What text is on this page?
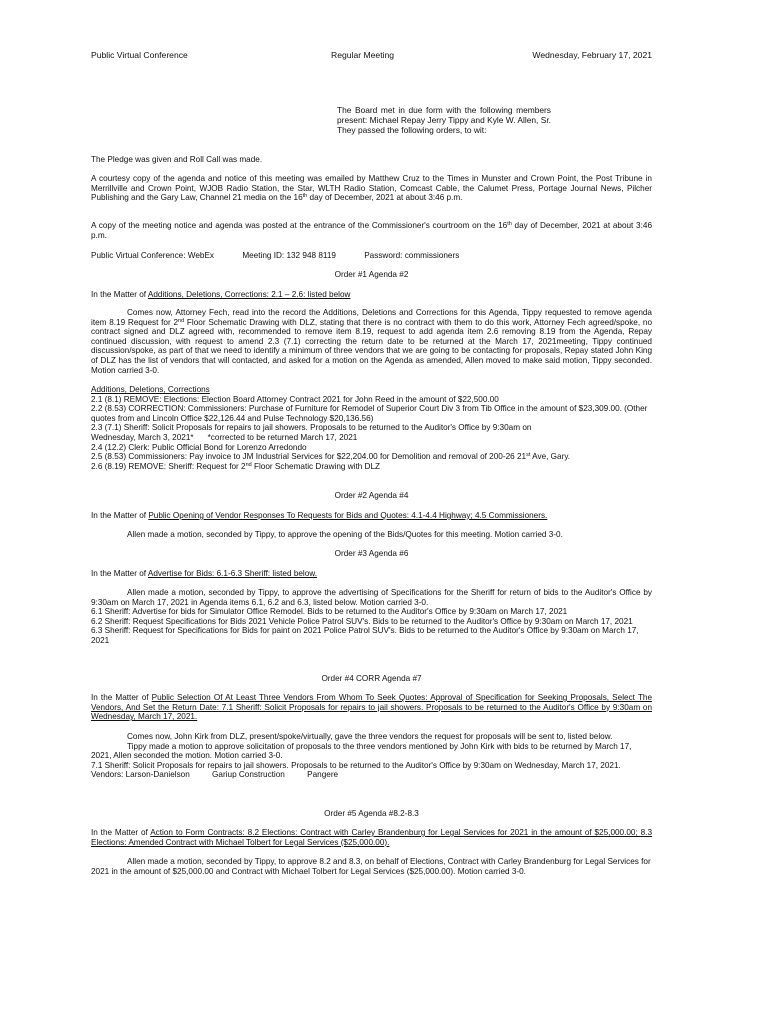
Public Virtual Conference	Regular Meeting	Wednesday, February 17, 2021

The Board met in due form with the following members present: Michael Repay Jerry Tippy and Kyle W. Allen, Sr. They passed the following orders, to wit:

The Pledge was given and Roll Call was made.

A courtesy copy of the agenda and notice of this meeting was emailed by Matthew Cruz to the Times in Munster and Crown Point, the Post Tribune in Merrillville and Crown Point, WJOB Radio Station, the Star, WLTH Radio Station, Comcast Cable, the Calumet Press, Portage Journal News, Pilcher Publishing and the Gary Law, Channel 21 media on the 16th day of December, 2021 at about 3:46 p.m.

A copy of the meeting notice and agenda was posted at the entrance of the Commissioner's courtroom on the 16th day of December, 2021 at about 3:46 p.m.

Public Virtual Conference: WebEx	Meeting ID: 132 948 8119	Password: commissioners

Order #1 Agenda #2

In the Matter of Additions, Deletions, Corrections: 2.1 – 2.6: listed below

Comes now, Attorney Fech, read into the record the Additions, Deletions and Corrections for this Agenda, Tippy requested to remove agenda item 8.19 Request for 2nd Floor Schematic Drawing with DLZ, stating that there is no contract with them to do this work, Attorney Fech agreed/spoke, no contract signed and DLZ agreed with, recommended to remove item 8.19, request to add agenda item 2.6 removing 8.19 from the Agenda, Repay continued discussion, with request to amend 2.3 (7.1) correcting the return date to be returned at the March 17, 2021meeting, Tippy continued discussion/spoke, as part of that we need to identify a minimum of three vendors that we are going to be contacting for proposals, Repay stated John King of DLZ has the list of vendors that will contacted, and asked for a motion on the Agenda as amended, Allen moved to make said motion, Tippy seconded. Motion carried 3-0.

Additions, Deletions, Corrections
2.1 (8.1) REMOVE: Elections: Election Board Attorney Contract 2021 for John Reed in the amount of $22,500.00
2.2 (8.53) CORRECTION: Commissioners: Purchase of Furniture for Remodel of Superior Court Div 3 from Tib Office in the amount of $23,309.00. (Other quotes from and Lincoln Office $22,126.44 and Pulse Technology $20,136.56)
2.3 (7.1) Sheriff: Solicit Proposals for repairs to jail showers. Proposals to be returned to the Auditor's Office by 9:30am on
Wednesday, March 3, 2021* *corrected to be returned March 17, 2021
2.4 (12.2) Clerk: Public Official Bond for Lorenzo Arredondo
2.5 (8.53) Commissioners: Pay invoice to JM Industrial Services for $22,204.00 for Demolition and removal of 200-26 21st Ave, Gary.
2.6 (8.19) REMOVE: Sheriff: Request for 2nd Floor Schematic Drawing with DLZ

Order #2 Agenda #4

In the Matter of Public Opening of Vendor Responses To Requests for Bids and Quotes: 4.1-4.4 Highway; 4.5 Commissioners.

Allen made a motion, seconded by Tippy, to approve the opening of the Bids/Quotes for this meeting. Motion carried 3-0.

Order #3 Agenda #6

In the Matter of Advertise for Bids: 6.1-6.3 Sheriff: listed below.

Allen made a motion, seconded by Tippy, to approve the advertising of Specifications for the Sheriff for return of bids to the Auditor's Office by 9:30am on March 17, 2021 in Agenda items 6.1, 6.2 and 6.3, listed below. Motion carried 3-0.
6.1 Sheriff: Advertise for bids for Simulator Office Remodel. Bids to be returned to the Auditor's Office by 9:30am on March 17, 2021
6.2 Sheriff: Request Specifications for Bids 2021 Vehicle Police Patrol SUV's. Bids to be returned to the Auditor's Office by 9:30am on March 17, 2021
6.3 Sheriff: Request for Specifications for Bids for paint on 2021 Police Patrol SUV's. Bids to be returned to the Auditor's Office by 9:30am on March 17, 2021

Order #4 CORR Agenda #7

In the Matter of Public Selection Of At Least Three Vendors From Whom To Seek Quotes: Approval of Specification for Seeking Proposals, Select The Vendors, And Set the Return Date: 7.1 Sheriff: Solicit Proposals for repairs to jail showers. Proposals to be returned to the Auditor's Office by 9:30am on Wednesday, March 17, 2021.

Comes now, John Kirk from DLZ, present/spoke/virtually, gave the three vendors the request for proposals will be sent to, listed below.
Tippy made a motion to approve solicitation of proposals to the three vendors mentioned by John Kirk with bids to be returned by March 17, 2021, Allen seconded the motion. Motion carried 3-0.
7.1 Sheriff: Solicit Proposals for repairs to jail showers. Proposals to be returned to the Auditor's Office by 9:30am on Wednesday, March 17, 2021.
Vendors: Larson-Danielson	Gariup Construction	Pangere

Order #5 Agenda #8.2-8.3

In the Matter of Action to Form Contracts: 8.2 Elections: Contract with Carley Brandenburg for Legal Services for 2021 in the amount of $25,000.00; 8.3 Elections: Amended Contract with Michael Tolbert for Legal Services ($25,000.00).

Allen made a motion, seconded by Tippy, to approve 8.2 and 8.3, on behalf of Elections, Contract with Carley Brandenburg for Legal Services for 2021 in the amount of $25,000.00 and Contract with Michael Tolbert for Legal Services ($25,000.00). Motion carried 3-0.
